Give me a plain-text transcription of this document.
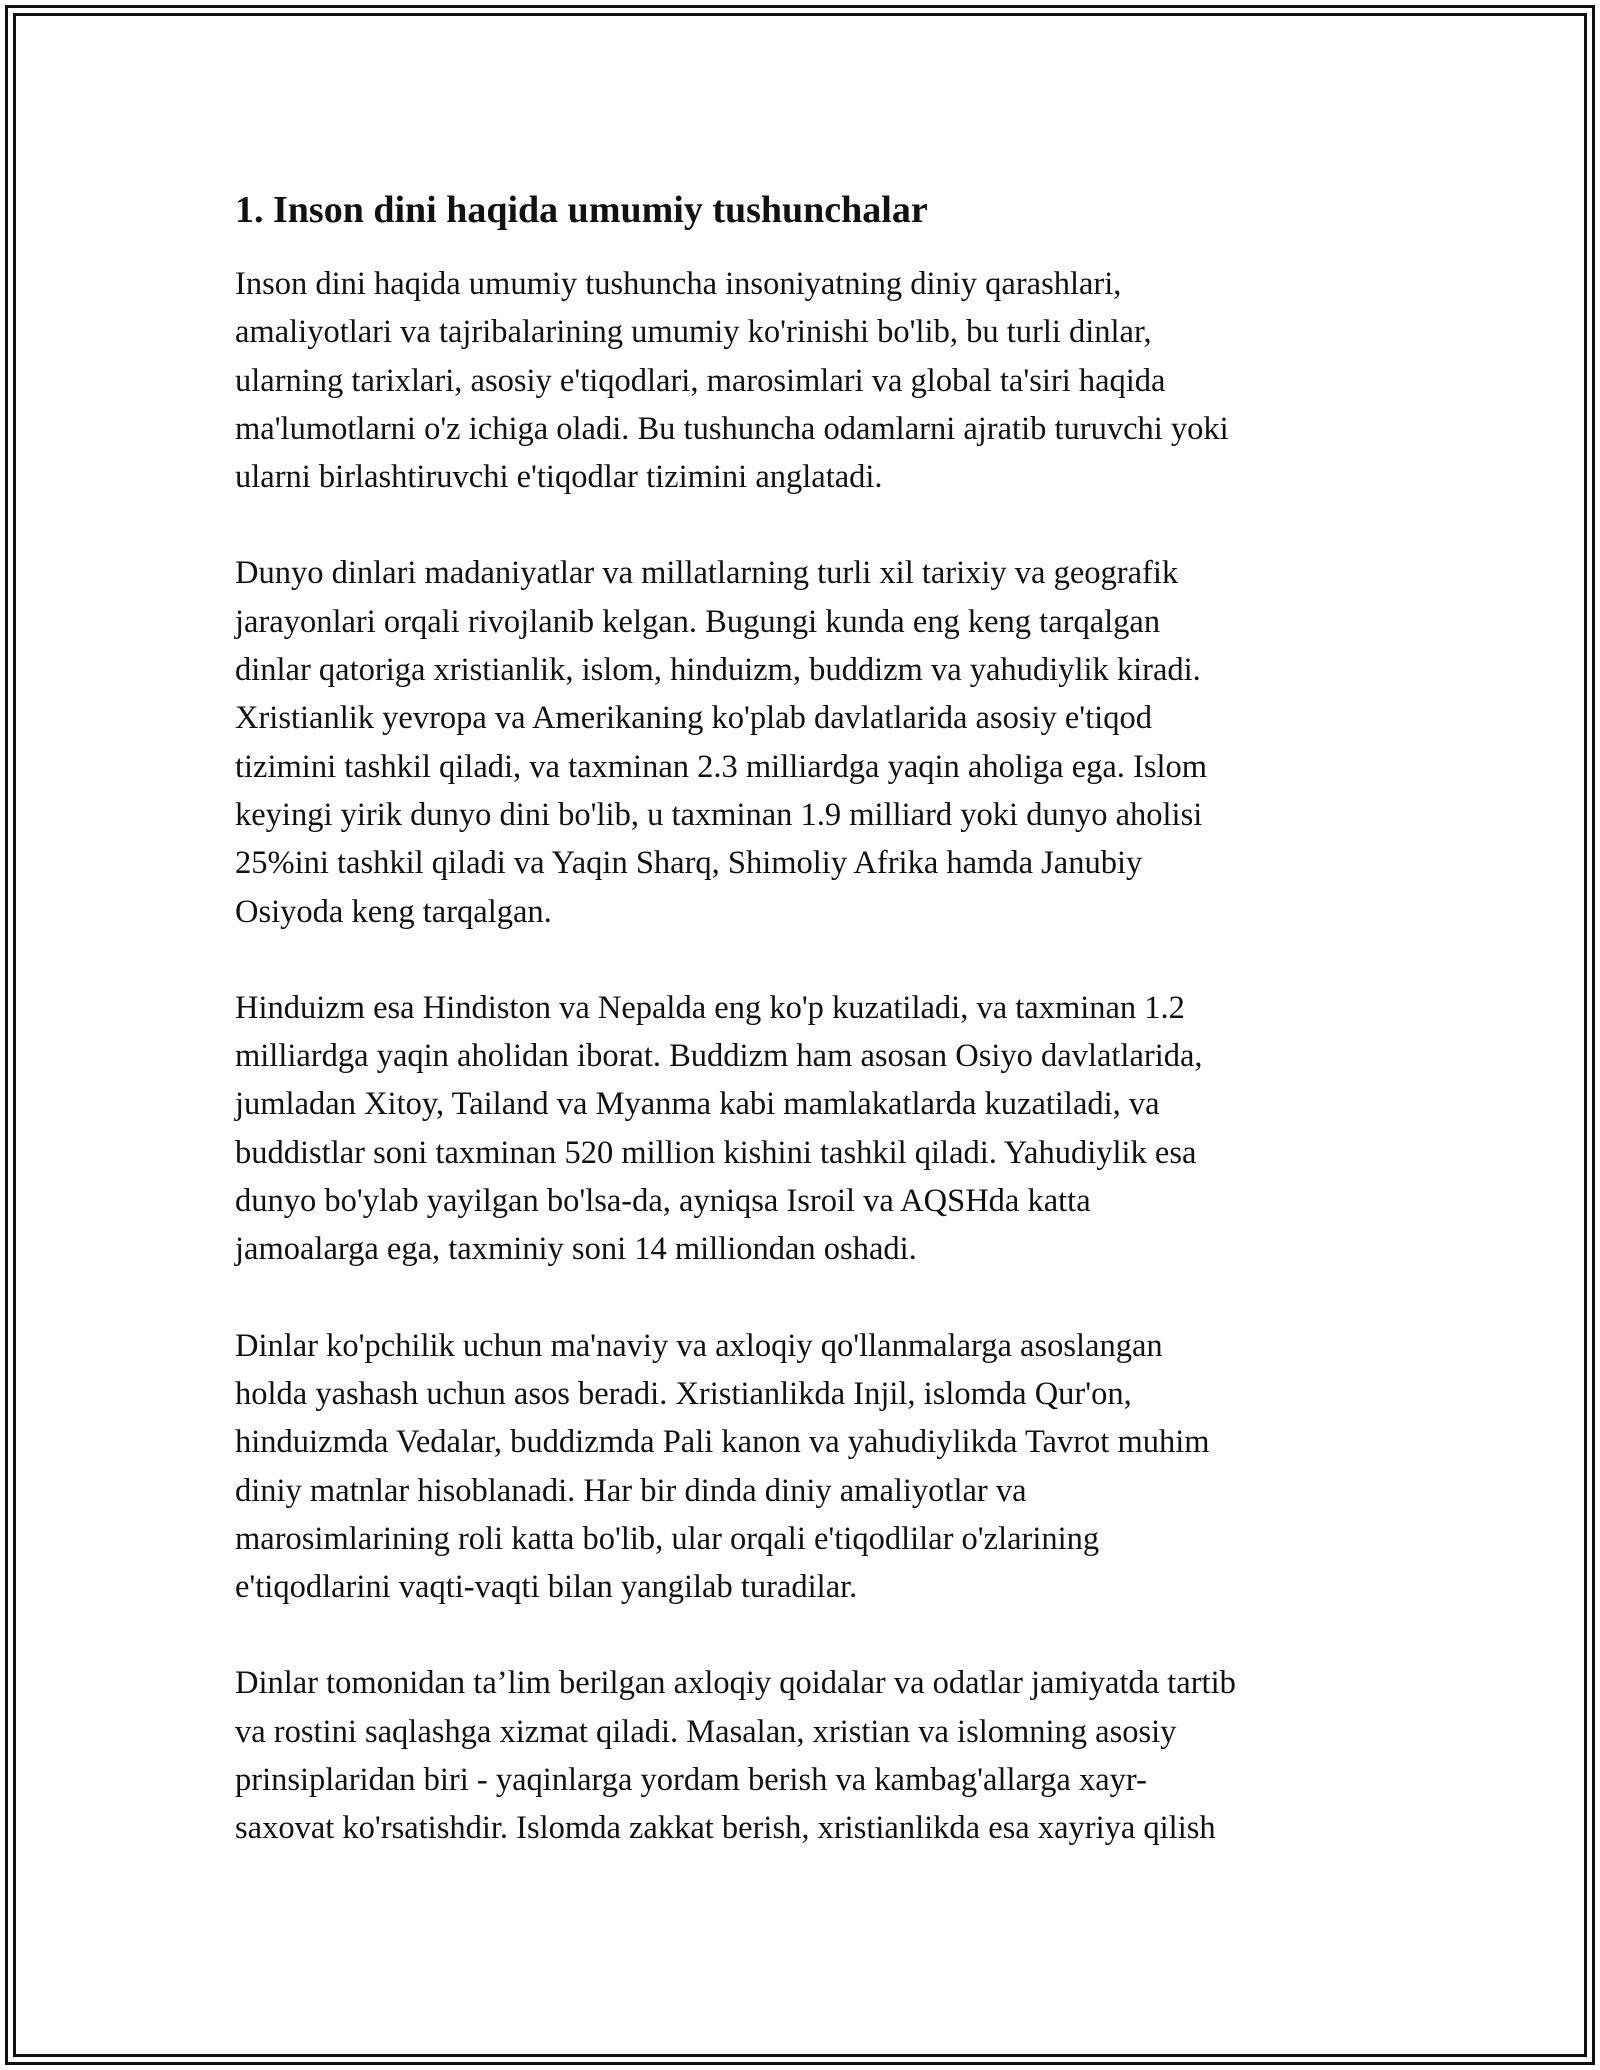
1. Inson dini haqida umumiy tushunchalar

Inson dini haqida umumiy tushuncha insoniyatning diniy qarashlari,
amaliyotlari va tajribalarining umumiy ko'rinishi bo'lib, bu turli dinlar,
ularning tarixlari, asosiy e'tiqodlari, marosimlari va global ta'siri haqida
ma'lumotlarni o'z ichiga oladi. Bu tushuncha odamlarni ajratib turuvchi yoki
ularni birlashtiruvchi e'tiqodlar tizimini anglatadi.

Dunyo dinlari madaniyatlar va millatlarning turli xil tarixiy va geografik
jarayonlari orqali rivojlanib kelgan. Bugungi kunda eng keng tarqalgan
dinlar qatoriga xristianlik, islom, hinduizm, buddizm va yahudiylik kiradi.
Xristianlik yevropa va Amerikaning ko'plab davlatlarida asosiy e'tiqod
tizimini tashkil qiladi, va taxminan 2.3 milliardga yaqin aholiga ega. Islom
keyingi yirik dunyo dini bo'lib, u taxminan 1.9 milliard yoki dunyo aholisi
25%ini tashkil qiladi va Yaqin Sharq, Shimoliy Afrika hamda Janubiy
Osiyoda keng tarqalgan.

Hinduizm esa Hindiston va Nepalda eng ko'p kuzatiladi, va taxminan 1.2
milliardga yaqin aholidan iborat. Buddizm ham asosan Osiyo davlatlarida,
jumladan Xitoy, Tailand va Myanma kabi mamlakatlarda kuzatiladi, va
buddistlar soni taxminan 520 million kishini tashkil qiladi. Yahudiylik esa
dunyo bo'ylab yayilgan bo'lsa-da, ayniqsa Isroil va AQSHda katta
jamoalarga ega, taxminiy soni 14 milliondan oshadi.

Dinlar ko'pchilik uchun ma'naviy va axloqiy qo'llanmalarga asoslangan
holda yashash uchun asos beradi. Xristianlikda Injil, islomda Qur'on,
hinduizmda Vedalar, buddizmda Pali kanon va yahudiylikda Tavrot muhim
diniy matnlar hisoblanadi. Har bir dinda diniy amaliyotlar va
marosimlarining roli katta bo'lib, ular orqali e'tiqodlilar o'zlarining
e'tiqodlarini vaqti-vaqti bilan yangilab turadilar.

Dinlar tomonidan ta’lim berilgan axloqiy qoidalar va odatlar jamiyatda tartib
va rostini saqlashga xizmat qiladi. Masalan, xristian va islomning asosiy
prinsiplaridan biri - yaqinlarga yordam berish va kambag'allarga xayr-
saxovat ko'rsatishdir. Islomda zakkat berish, xristianlikda esa xayriya qilish
